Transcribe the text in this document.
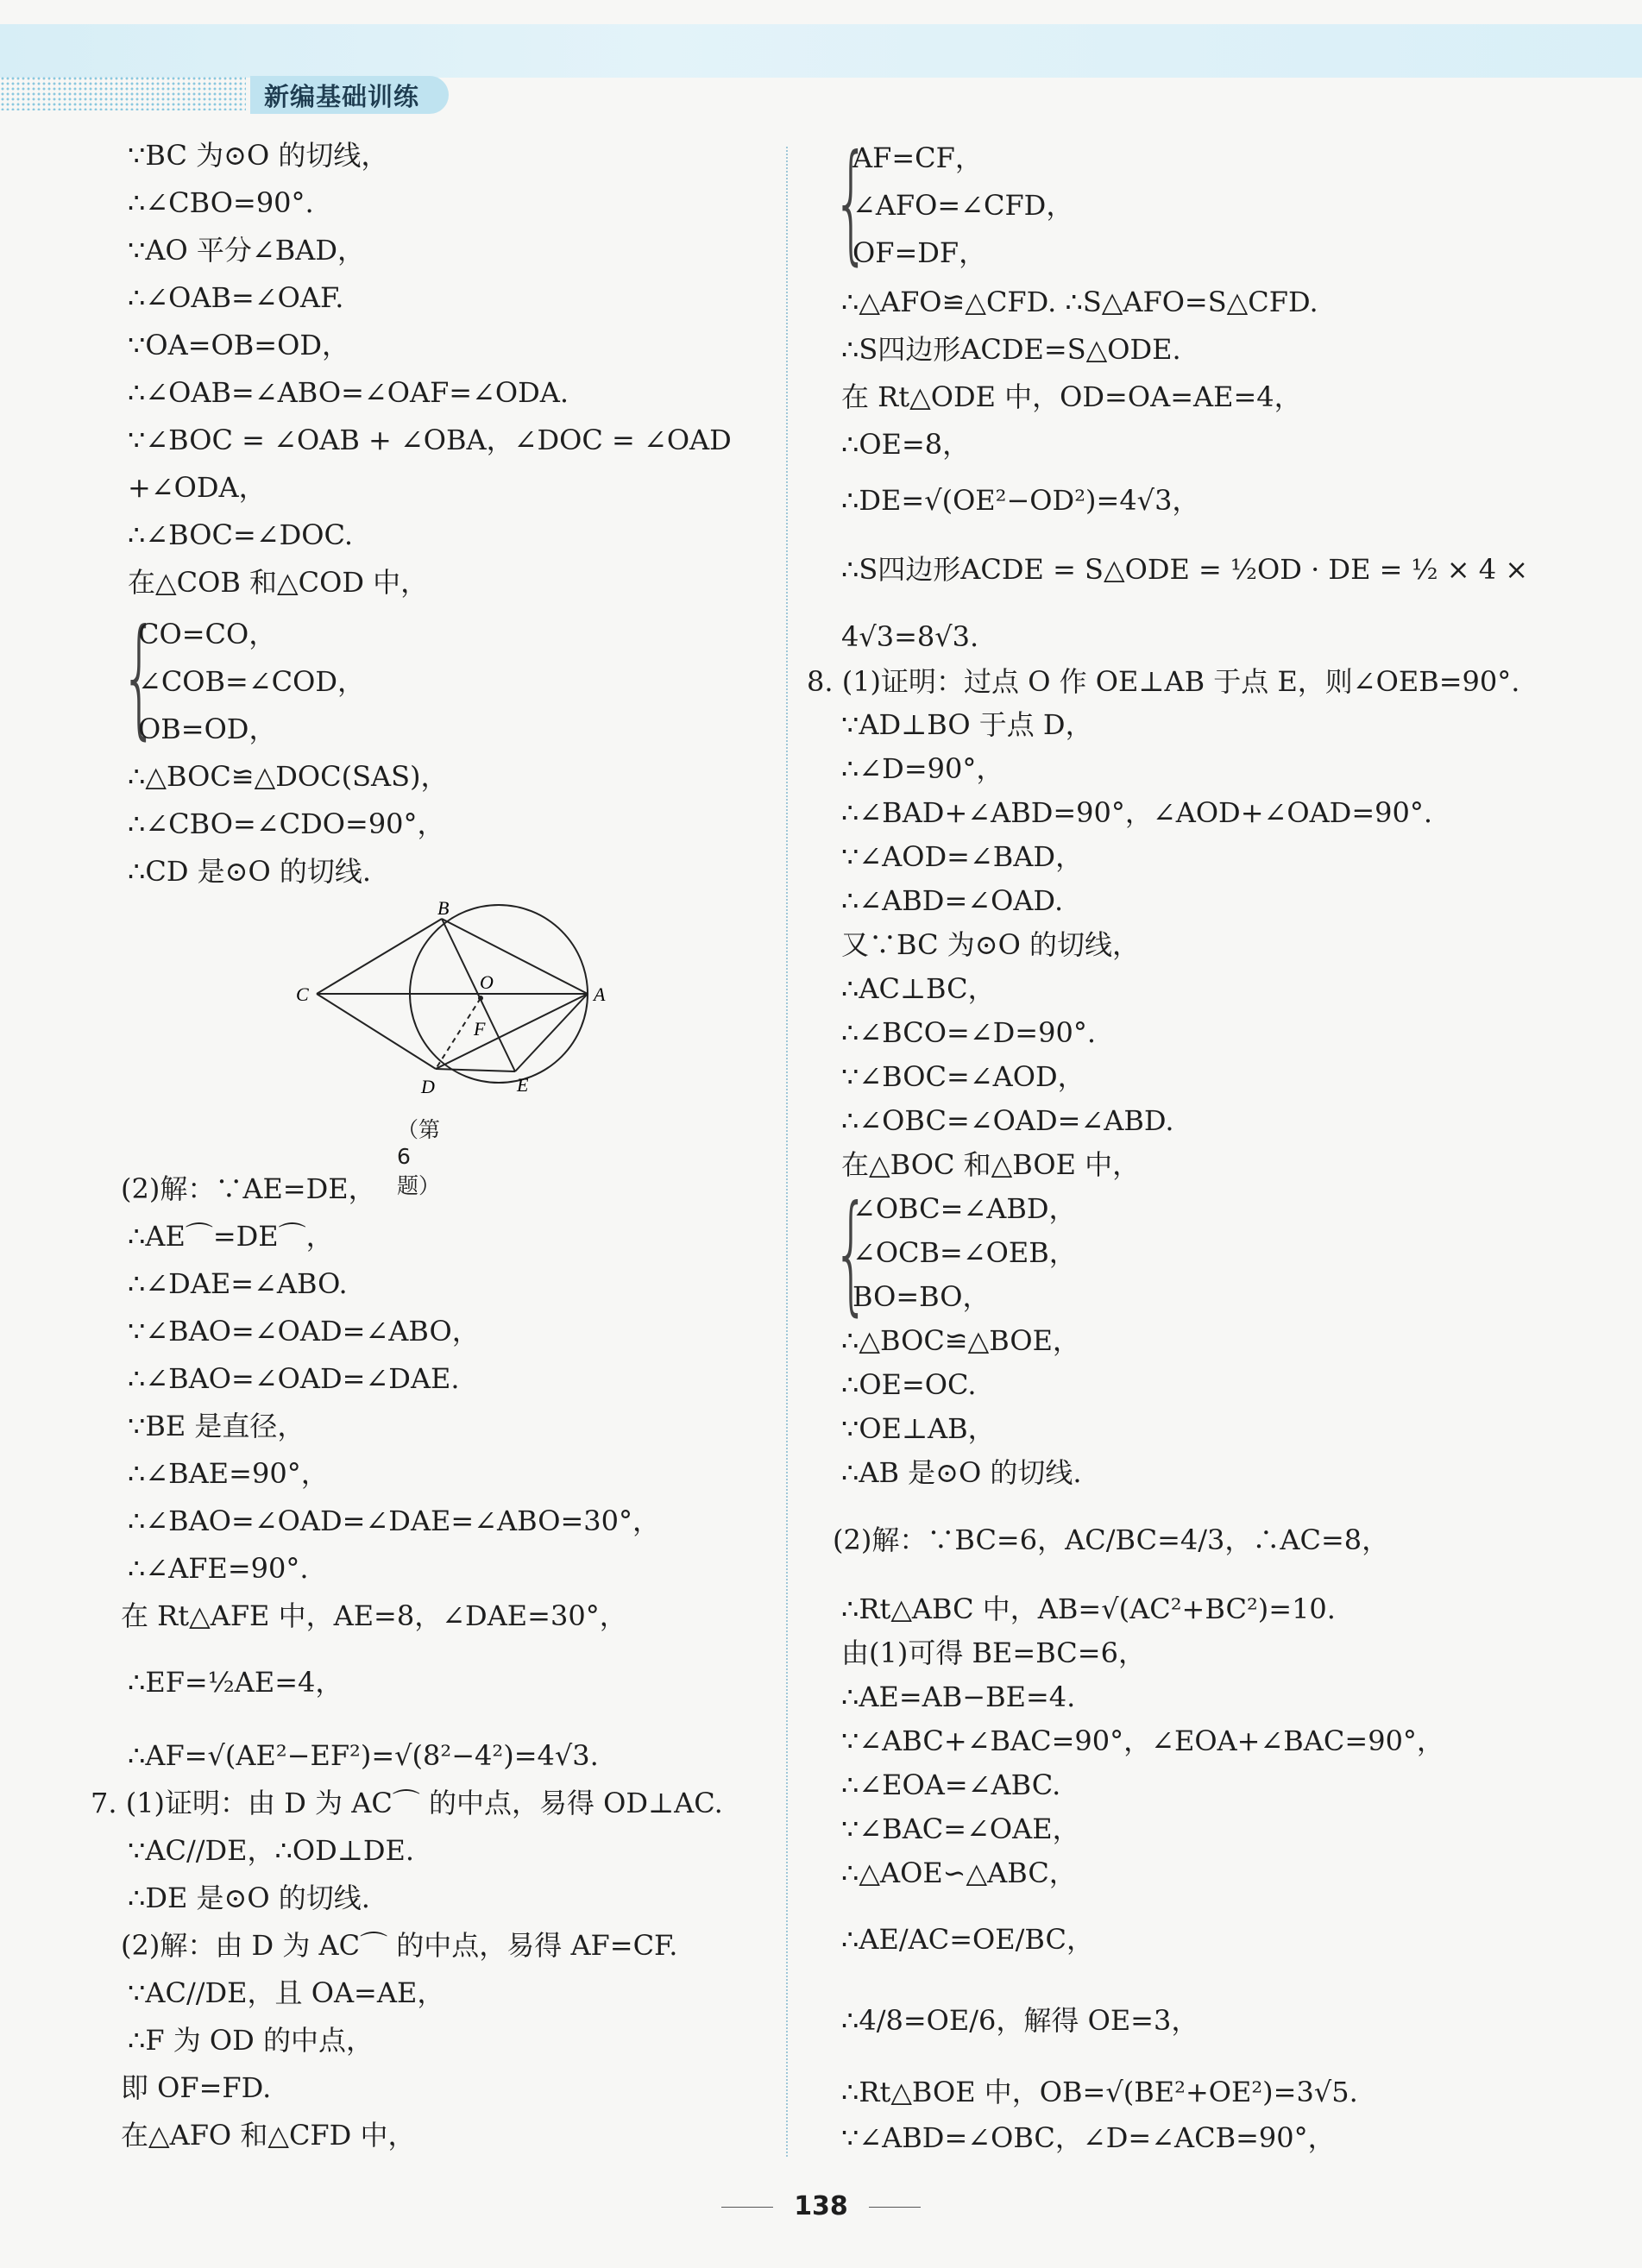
新编基础训练
∵BC 为⊙O 的切线，
∴∠CBO=90°.
∵AO 平分∠BAD，
∴∠OAB=∠OAF.
∵OA=OB=OD，
∴∠OAB=∠ABO=∠OAF=∠ODA.
∵∠BOC = ∠OAB + ∠OBA，∠DOC = ∠OAD
+∠ODA，
∴∠BOC=∠DOC.
在△COB 和△COD 中，
{
CO=CO，
∠COB=∠COD，
OB=OD，
∴△BOC≌△DOC(SAS)，
∴∠CBO=∠CDO=90°，
∴CD 是⊙O 的切线.
B
C
O
A
F
D	E
（第 6 题）
(2)解：∵AE=DE，
∴AE⌒=DE⌒，
∴∠DAE=∠ABO.
∵∠BAO=∠OAD=∠ABO，
∴∠BAO=∠OAD=∠DAE.
∵BE 是直径，
∴∠BAE=90°，
∴∠BAO=∠OAD=∠DAE=∠ABO=30°，
∴∠AFE=90°.
在 Rt△AFE 中，AE=8，∠DAE=30°，
∴EF=½AE=4，
∴AF=√(AE²−EF²)=√(8²−4²)=4√3.
7. (1)证明：由 D 为 AC⌒ 的中点，易得 OD⊥AC.
∵AC//DE，∴OD⊥DE.
∴DE 是⊙O 的切线.
(2)解：由 D 为 AC⌒ 的中点，易得 AF=CF.
∵AC//DE，且 OA=AE，
∴F 为 OD 的中点，
即 OF=FD.
在△AFO 和△CFD 中，
{
AF=CF，
∠AFO=∠CFD，
OF=DF，
∴△AFO≌△CFD. ∴S△AFO=S△CFD.
∴S四边形ACDE=S△ODE.
在 Rt△ODE 中，OD=OA=AE=4，
∴OE=8，
∴DE=√(OE²−OD²)=4√3，
∴S四边形ACDE = S△ODE = ½OD · DE = ½ × 4 ×
4√3=8√3.
8. (1)证明：过点 O 作 OE⊥AB 于点 E，则∠OEB=90°.
∵AD⊥BO 于点 D，
∴∠D=90°，
∴∠BAD+∠ABD=90°，∠AOD+∠OAD=90°.
∵∠AOD=∠BAD，
∴∠ABD=∠OAD.
又∵BC 为⊙O 的切线，
∴AC⊥BC，
∴∠BCO=∠D=90°.
∵∠BOC=∠AOD，
∴∠OBC=∠OAD=∠ABD.
在△BOC 和△BOE 中，
{
∠OBC=∠ABD，
∠OCB=∠OEB，
BO=BO，
∴△BOC≌△BOE，
∴OE=OC.
∵OE⊥AB，
∴AB 是⊙O 的切线.
(2)解：∵BC=6，AC/BC=4/3，∴AC=8，
∴Rt△ABC 中，AB=√(AC²+BC²)=10.
由(1)可得 BE=BC=6，
∴AE=AB−BE=4.
∵∠ABC+∠BAC=90°，∠EOA+∠BAC=90°，
∴∠EOA=∠ABC.
∵∠BAC=∠OAE，
∴△AOE∽△ABC，
∴AE/AC=OE/BC，
∴4/8=OE/6，解得 OE=3，
∴Rt△BOE 中，OB=√(BE²+OE²)=3√5.
∵∠ABD=∠OBC，∠D=∠ACB=90°，
138
